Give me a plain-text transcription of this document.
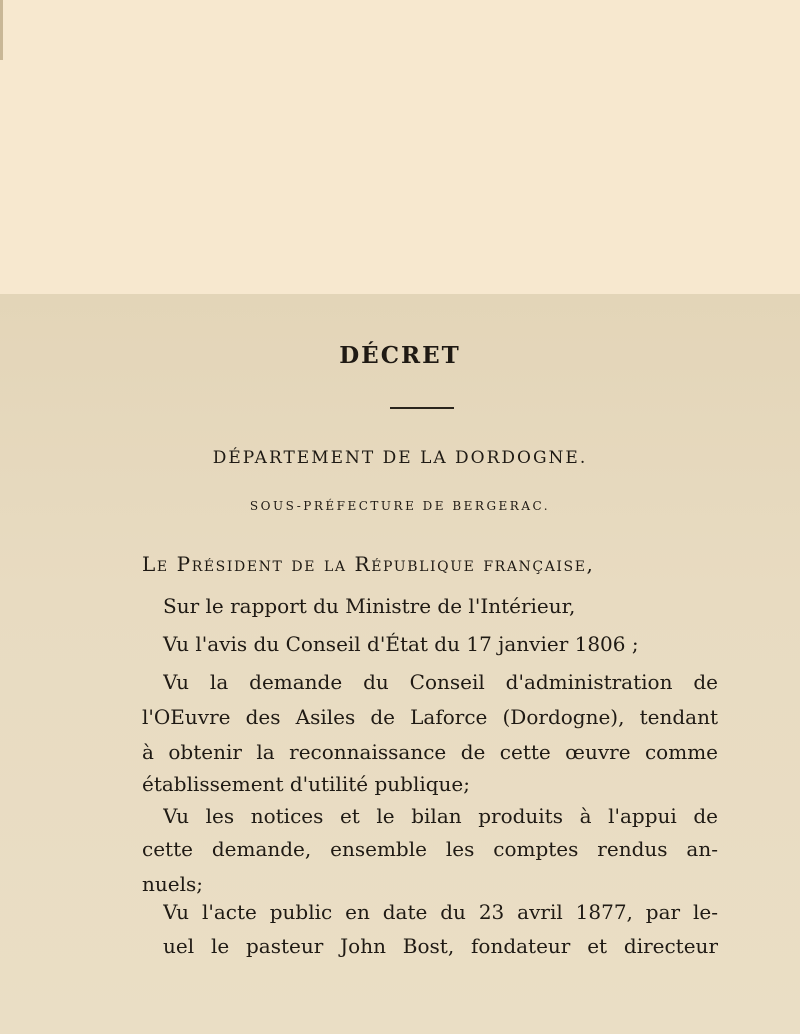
DÉCRET
DÉPARTEMENT DE LA DORDOGNE.
SOUS-PRÉFECTURE DE BERGERAC.
Le Président de la République française,
Sur le rapport du Ministre de l'Intérieur,
Vu l'avis du Conseil d'État du 17 janvier 1806 ;
Vu la demande du Conseil d'administration de
l'OEuvre des Asiles de Laforce (Dordogne), tendant
à obtenir la reconnaissance de cette œuvre comme
établissement d'utilité publique;
Vu les notices et le bilan produits à l'appui de
cette demande, ensemble les comptes rendus an-
nuels;
Vu l'acte public en date du 23 avril 1877, par le-
uel le pasteur John Bost, fondateur et directeur
